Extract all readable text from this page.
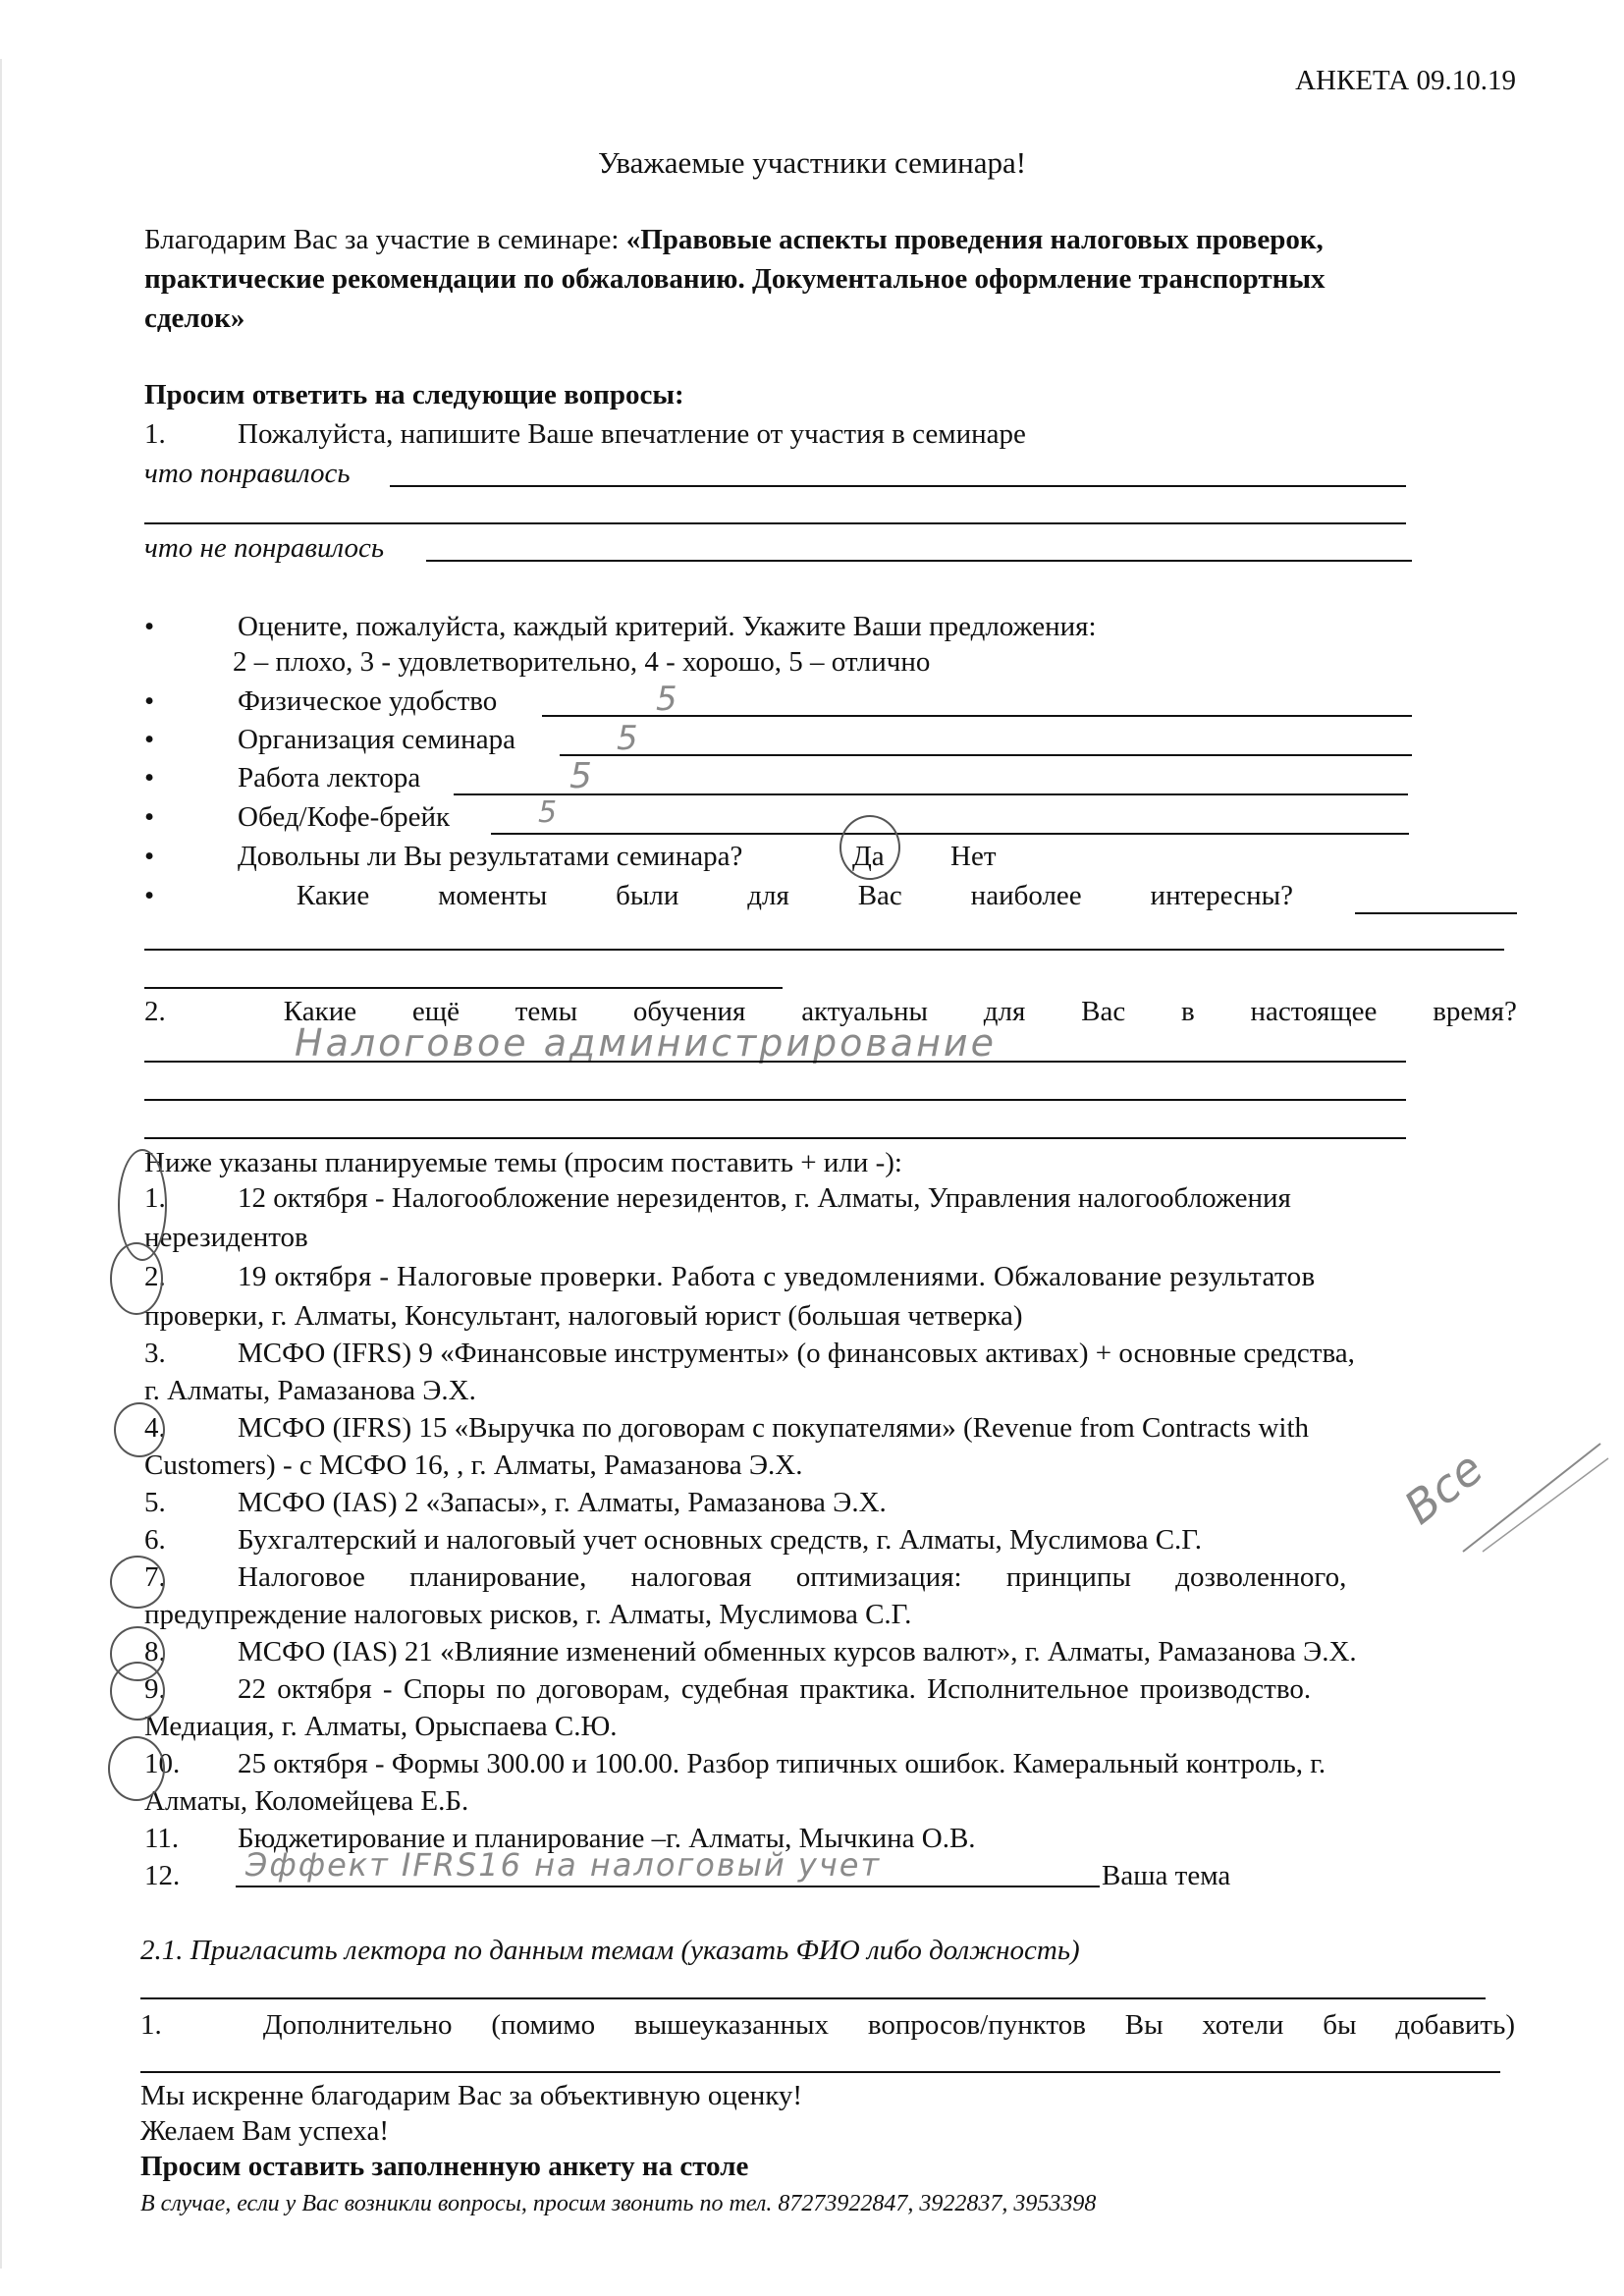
АНКЕТА 09.10.19
Уважаемые участники семинара!
Благодарим Вас за участие в семинаре: «Правовые аспекты проведения налоговых проверок,
практические рекомендации по обжалованию. Документальное оформление транспортных
сделок»
Просим ответить на следующие вопросы:
1.	Пожалуйста, напишите Ваше впечатление от участия в семинаре
что понравилось
что не понравилось
•	Оцените, пожалуйста, каждый критерий. Укажите Ваши предложения:
2 – плохо, 3 - удовлетворительно, 4 - хорошо, 5 – отлично
•	Физическое удобство	5
•	Организация семинара	5
•	Работа лектора	5
•	Обед/Кофе-брейк	5
•	Довольны ли Вы результатами семинара?	Да Нет
•	Какие моменты были для Вас наиболее интересны?
2.	Какие ещё темы обучения актуальны для Вас в настоящее время?
Налоговое администрирование
Ниже указаны планируемые темы (просим поставить + или -):
1.	12 октября - Налогообложение нерезидентов, г. Алматы, Управления налогообложения
нерезидентов
2.	19 октября - Налоговые проверки. Работа с уведомлениями. Обжалование результатов
проверки, г. Алматы, Консультант, налоговый юрист (большая четверка)
3.	МСФО (IFRS) 9 «Финансовые инструменты» (о финансовых активах) + основные средства,
г. Алматы, Рамазанова Э.Х.
4.	МСФО (IFRS) 15 «Выручка по договорам с покупателями» (Revenue from Contracts with
Customers) - с МСФО 16, , г. Алматы, Рамазанова Э.Х.
5.	МСФО (IAS) 2 «Запасы», г. Алматы, Рамазанова Э.Х.
6.	Бухгалтерский и налоговый учет основных средств, г. Алматы, Муслимова С.Г.
7.	Налоговое планирование, налоговая оптимизация: принципы дозволенного,
предупреждение налоговых рисков, г. Алматы, Муслимова С.Г.
8.	МСФО (IAS) 21 «Влияние изменений обменных курсов валют», г. Алматы, Рамазанова Э.Х.
9.	22 октября - Споры по договорам, судебная практика. Исполнительное производство.
Медиация, г. Алматы, Орыспаева С.Ю.
10. 25 октября - Формы 300.00 и 100.00. Разбор типичных ошибок. Камеральный контроль, г.
Алматы, Коломейцева Е.Б.
11. Бюджетирование и планирование –г. Алматы, Мычкина О.В.
12. Эффект IFRS16 на налоговый учет	Ваша тема
Все
2.1. Пригласить лектора по данным темам (указать ФИО либо должность)
1.	Дополнительно (помимо вышеуказанных вопросов/пунктов Вы хотели бы добавить)
Мы искренне благодарим Вас за объективную оценку!
Желаем Вам успеха!
Просим оставить заполненную анкету на столе
В случае, если у Вас возникли вопросы, просим звонить по тел. 87273922847, 3922837, 3953398
